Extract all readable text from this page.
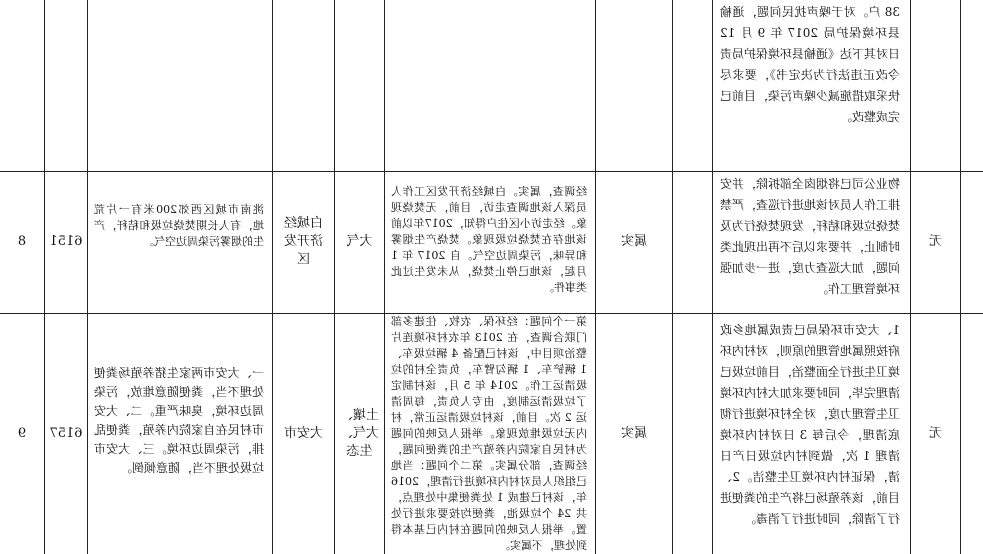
38 户。对于噪声扰民问题，通榆县环境保护局 2017 年 9 月 12 日对其下达《通榆县环境保护局责令改正违法行为决定书》，要求尽快采取措施减少噪声污染，目前已完成整改。
8 6151
洮南市城区西郊200米有一片荒地，有人长期焚烧垃圾和秸秆，产生的烟雾污染周边空气。
白城经济开发区
大气
经调查，属实。白城经济开发区工作人员深入该地调查走访，目前，无焚烧现象。经走访小区住户得知，2017年以前该地存在焚烧垃圾现象。焚烧产生烟雾和异味，污染周边空气。自 2017 年 1 月起，该地已停止焚烧，从未发生过此类事件。
属实
物业公司已将烟囱全部拆除，并安排工作人员对该地进行巡查，严禁焚烧垃圾和秸秆，发现焚烧行为及时制止，并要求以后不再出现此类问题，加大巡查力度，进一步加强环境管理工作。
无
9 6157
一、大安市两家生猪养殖场粪便处理不当，粪便随意堆放，污染周边环境，臭味严重。二、大安市村民在自家院内养殖，粪便乱排，污染周边环境。三、大安市垃圾处理不当，随意倾倒。
大安市
土壤、大气、生态
第一个问题：经环保、农牧、住建多部门联合调查，在 2013 年农村环境连片整治项目中，该村已配备 4 辆垃圾车、1 辆铲车、1 辆勾臂车，负责全村的垃圾清运工作。2014 年 5 月，该村制定了垃圾清运制度，由专人负责，每周清运 2 次。目前，该村垃圾清运正常，村内无垃圾堆放现象。举报人反映的问题为村民自家院内养殖产生的粪便问题，经调查，部分属实。第二个问题：当地已组织人员对村内环境进行清理，2016 年，该村已建成 1 处粪便集中处理点，共 24 个垃圾池，粪便均按要求进行处置。举报人反映的问题在村内已基本得到处理，不属实。
属实
1、大安市环保局已责成属地乡政府按照属地管理的原则，对村内环境卫生进行全面整治，目前垃圾已清理完毕，同时要求加大村内环境卫生管理力度，对全村环境进行彻底清理，今后每 3 日对村内环境清理 1 次，做到村内垃圾日产日清，保证村内环境卫生整洁。2、目前，该养殖场已将产生的粪便进行了清除，同时进行了消毒。
无
